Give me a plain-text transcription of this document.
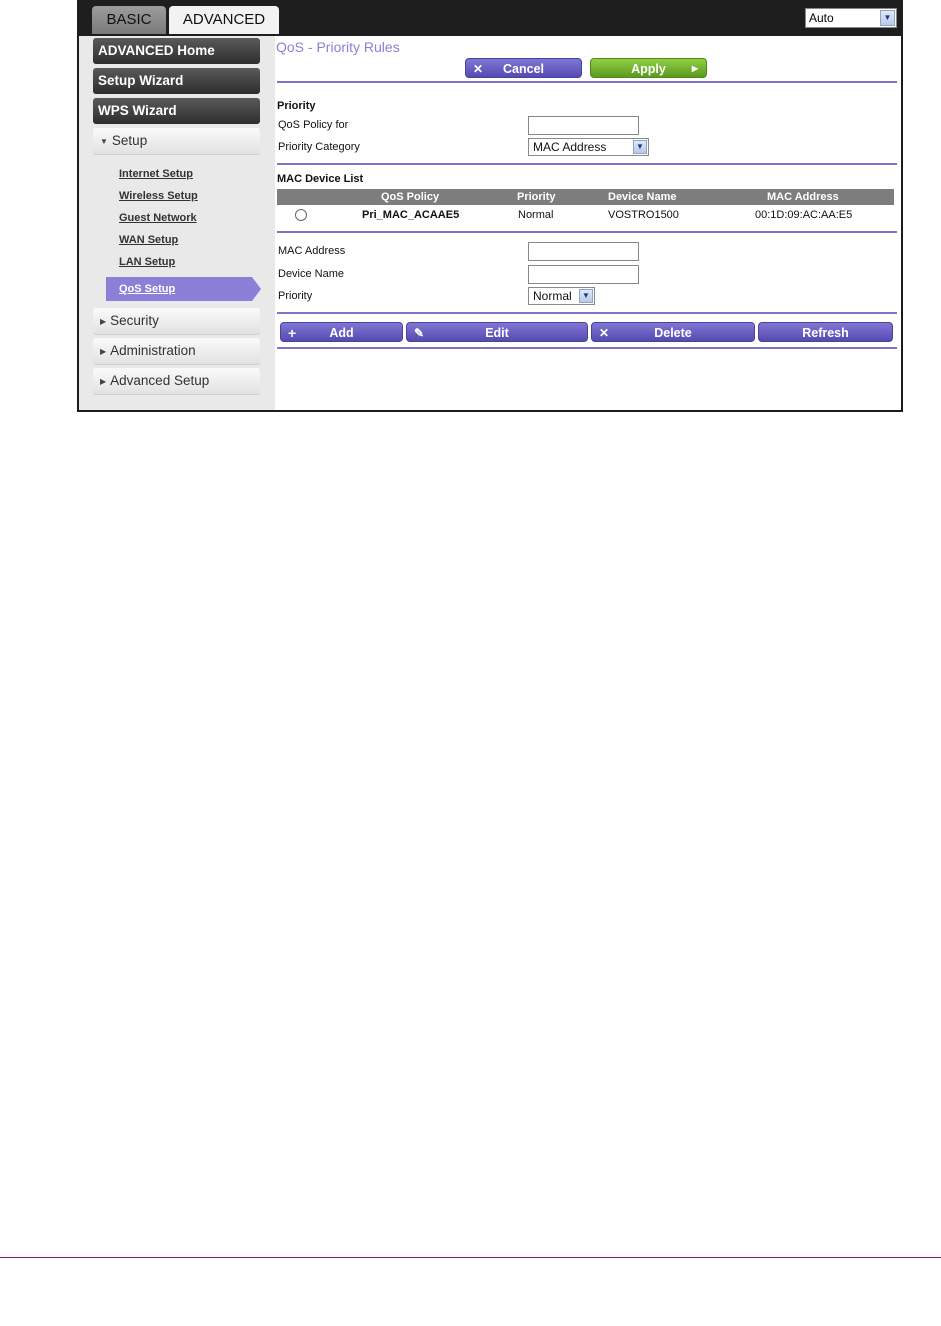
BASIC	ADVANCED	Auto	▼
ADVANCED Home
Setup Wizard
WPS Wizard
▼ Setup
Internet Setup
Wireless Setup
Guest Network
WAN Setup
LAN Setup
QoS Setup
▶ Security
▶ Administration
▶ Advanced Setup
QoS - Priority Rules
✕	Cancel	Apply	▶
Priority
QoS Policy for
Priority Category	MAC Address	▼
MAC Device List
QoS Policy	Priority	Device Name	MAC Address
Pri_MAC_ACAAE5	Normal	VOSTRO1500	00:1D:09:AC:AA:E5
MAC Address
Device Name
Priority	Normal	▼
+	Add	✎	Edit	✕	Delete	Refresh
